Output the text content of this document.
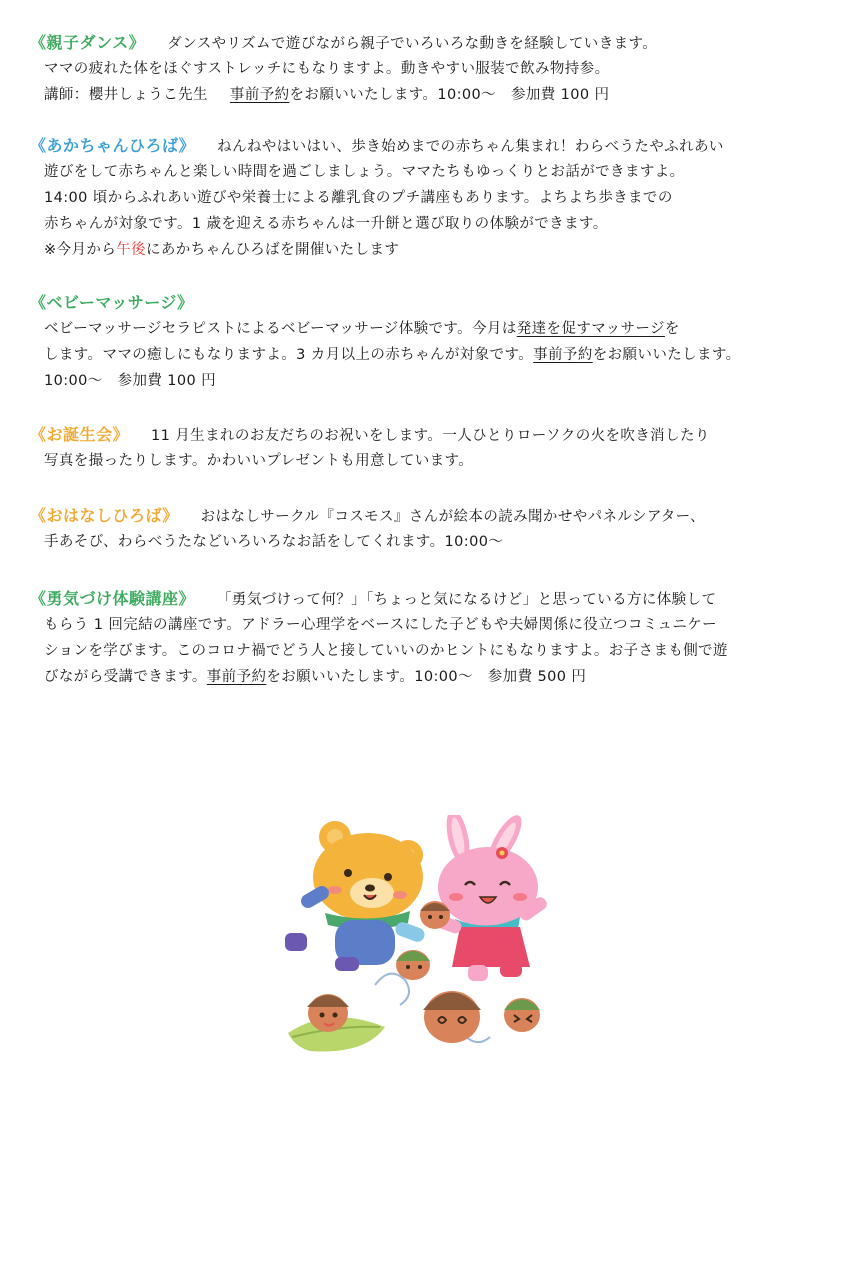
《親子ダンス》 ダンスやリズムで遊びながら親子でいろいろな動きを経験していきます。
ママの疲れた体をほぐすストレッチにもなりますよ。動きやすい服装で飲み物持参。
講師：櫻井しょうこ先生 事前予約をお願いいたします。10:00～　参加費 100 円
《あかちゃんひろば》 ねんねやはいはい、歩き始めまでの赤ちゃん集まれ！わらべうたやふれあい
遊びをして赤ちゃんと楽しい時間を過ごしましょう。ママたちもゆっくりとお話ができますよ。
14:00 頃からふれあい遊びや栄養士による離乳食のプチ講座もあります。よちよち歩きまでの
赤ちゃんが対象です。1 歳を迎える赤ちゃんは一升餅と選び取りの体験ができます。
※今月から午後にあかちゃんひろばを開催いたします
《ベビーマッサージ》
ベビーマッサージセラピストによるベビーマッサージ体験です。今月は発達を促すマッサージを
します。ママの癒しにもなりますよ。3 カ月以上の赤ちゃんが対象です。事前予約をお願いいたします。
10:00～　参加費 100 円
《お誕生会》 11 月生まれのお友だちのお祝いをします。一人ひとりローソクの火を吹き消したり
写真を撮ったりします。かわいいプレゼントも用意しています。
《おはなしひろば》 おはなしサークル『コスモス』さんが絵本の読み聞かせやパネルシアター、
手あそび、わらべうたなどいろいろなお話をしてくれます。10:00～
《勇気づけ体験講座》 「勇気づけって何？」「ちょっと気になるけど」と思っている方に体験して
もらう 1 回完結の講座です。アドラー心理学をベースにした子どもや夫婦関係に役立つコミュニケー
ションを学びます。このコロナ禍でどう人と接していいのかヒントにもなりますよ。お子さまも側で遊
びながら受講できます。事前予約をお願いいたします。10:00～　参加費 500 円
